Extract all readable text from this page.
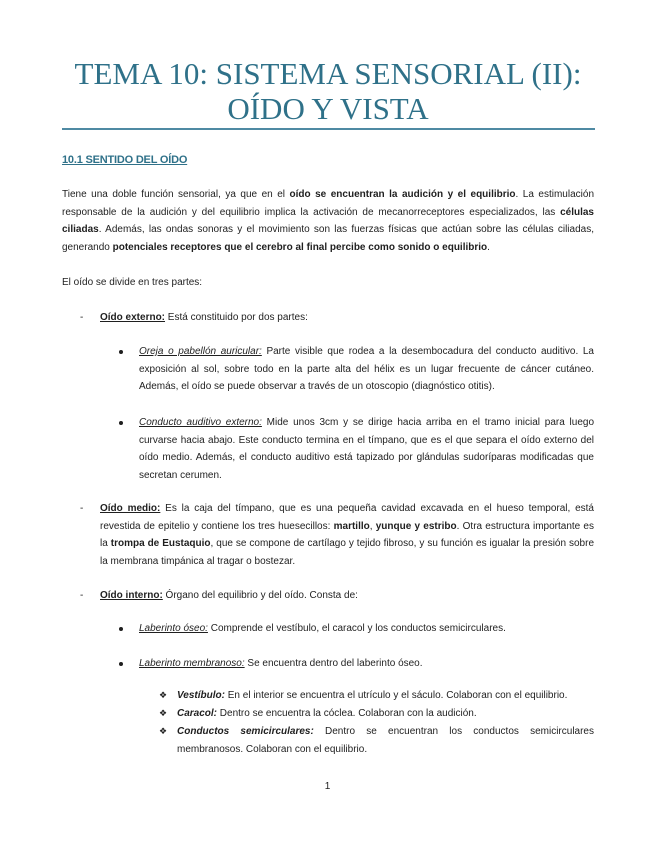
TEMA 10: SISTEMA SENSORIAL (II):
OÍDO Y VISTA
10.1 SENTIDO DEL OÍDO
Tiene una doble función sensorial, ya que en el oído se encuentran la audición y el equilibrio. La estimulación responsable de la audición y del equilibrio implica la activación de mecanorreceptores especializados, las células ciliadas. Además, las ondas sonoras y el movimiento son las fuerzas físicas que actúan sobre las células ciliadas, generando potenciales receptores que el cerebro al final percibe como sonido o equilibrio.
El oído se divide en tres partes:
- Oído externo: Está constituido por dos partes:
Oreja o pabellón auricular: Parte visible que rodea a la desembocadura del conducto auditivo. La exposición al sol, sobre todo en la parte alta del hélix es un lugar frecuente de cáncer cutáneo. Además, el oído se puede observar a través de un otoscopio (diagnóstico otitis).
Conducto auditivo externo: Mide unos 3cm y se dirige hacia arriba en el tramo inicial para luego curvarse hacia abajo. Este conducto termina en el tímpano, que es el que separa el oído externo del oído medio. Además, el conducto auditivo está tapizado por glándulas sudoríparas modificadas que secretan cerumen.
- Oído medio: Es la caja del tímpano, que es una pequeña cavidad excavada en el hueso temporal, está revestida de epitelio y contiene los tres huesecillos: martillo, yunque y estribo. Otra estructura importante es la trompa de Eustaquio, que se compone de cartílago y tejido fibroso, y su función es igualar la presión sobre la membrana timpánica al tragar o bostezar.
- Oído interno: Órgano del equilibrio y del oído. Consta de:
Laberinto óseo: Comprende el vestíbulo, el caracol y los conductos semicirculares.
Laberinto membranoso: Se encuentra dentro del laberinto óseo.
❖ Vestíbulo: En el interior se encuentra el utrículo y el sáculo. Colaboran con el equilibrio.
❖ Caracol: Dentro se encuentra la cóclea. Colaboran con la audición.
❖ Conductos semicirculares: Dentro se encuentran los conductos semicirculares membranosos. Colaboran con el equilibrio.
1
